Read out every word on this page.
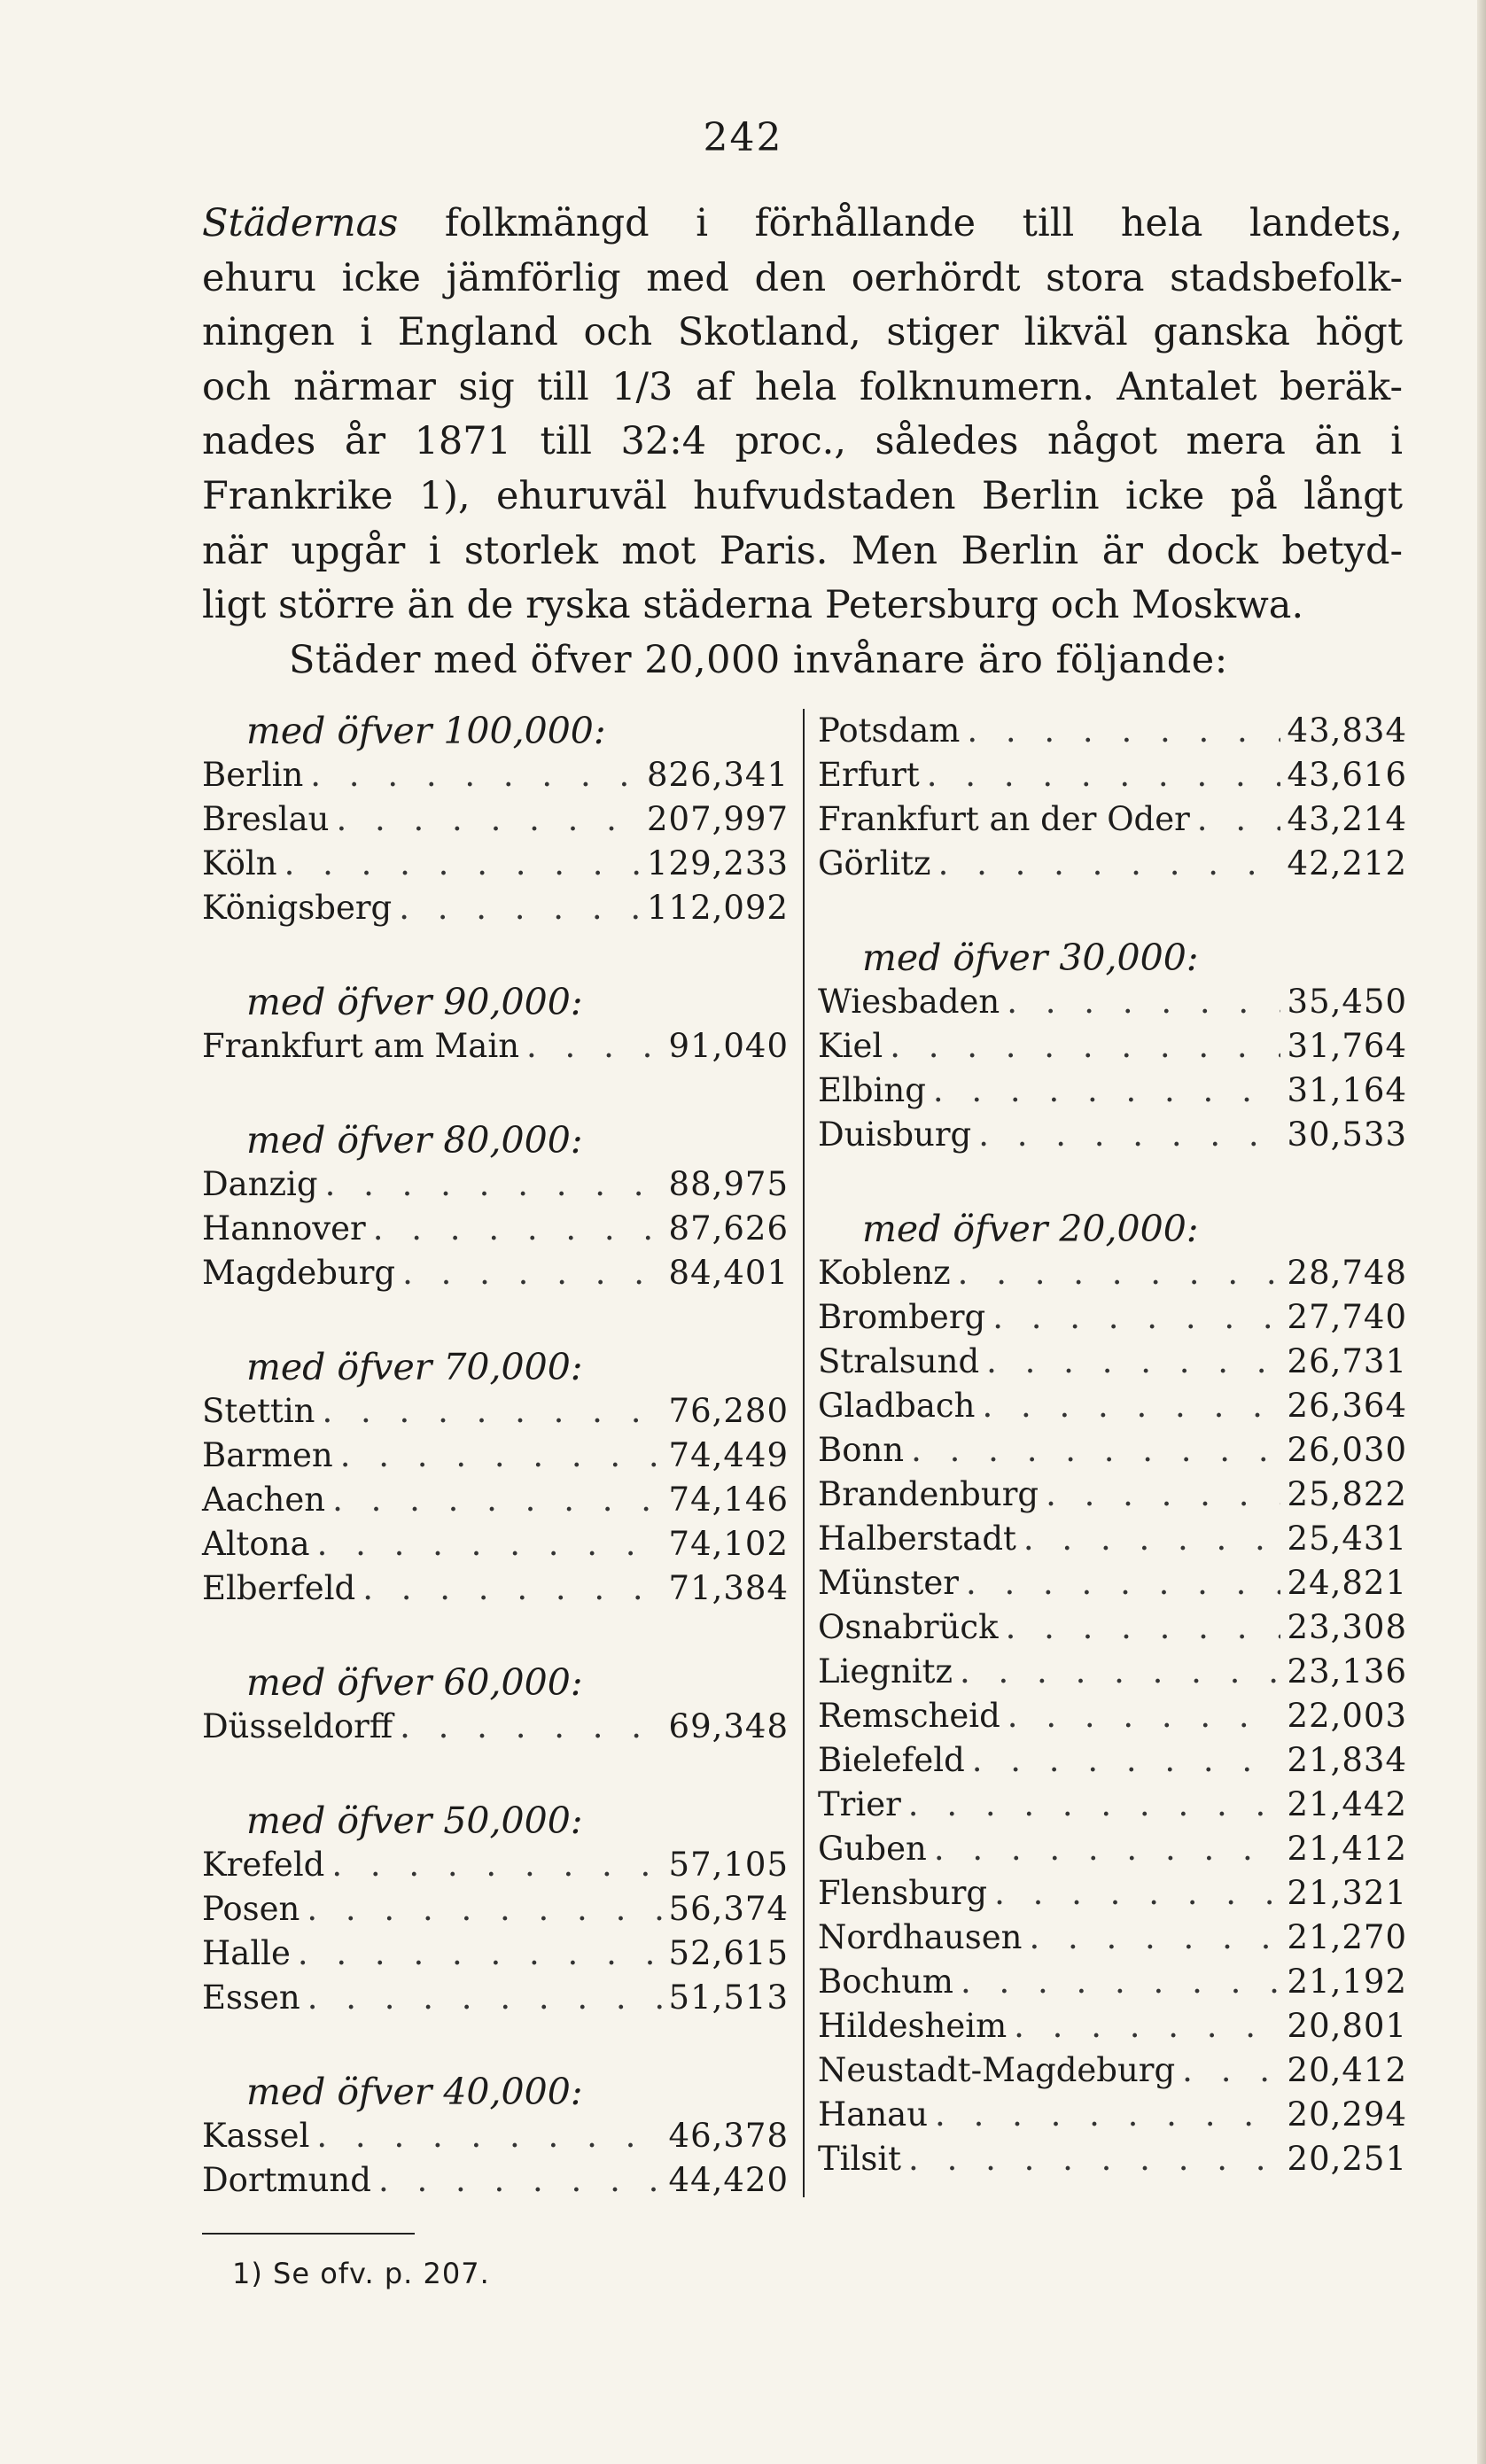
242
Städernas folkmängd i förhållande till hela landets,
ehuru icke jämförlig med den oerhördt stora stadsbefolk-
ningen i England och Skotland, stiger likväl ganska högt
och närmar sig till 1/3 af hela folknumern. Antalet beräk-
nades år 1871 till 32:4 proc., således något mera än i
Frankrike 1), ehuruväl hufvudstaden Berlin icke på långt
när upgår i storlek mot Paris. Men Berlin är dock betyd-
ligt större än de ryska städerna Petersburg och Moskwa.
Städer med öfver 20,000 invånare äro följande:
med öfver 100,000:
Berlin . . .	826,341
Breslau . . .	207,997
Köln . . .	129,233
Königsberg . . .	112,092
med öfver 90,000:
Frankfurt am Main . . .	91,040
med öfver 80,000:
Danzig . . .	88,975
Hannover . . .	87,626
Magdeburg . . .	84,401
med öfver 70,000:
Stettin . . .	76,280
Barmen . . .	74,449
Aachen . . .	74,146
Altona . . .	74,102
Elberfeld . . .	71,384
med öfver 60,000:
Düsseldorff . . .	69,348
med öfver 50,000:
Krefeld . . .	57,105
Posen . . .	56,374
Halle . . .	52,615
Essen . . .	51,513
med öfver 40,000:
Kassel . . .	46,378
Dortmund . . .	44,420
Potsdam . . .	43,834
Erfurt . . .	43,616
Frankfurt an der Oder . . .	43,214
Görlitz . . .	42,212
med öfver 30,000:
Wiesbaden . . .	35,450
Kiel . . .	31,764
Elbing . . .	31,164
Duisburg . . .	30,533
med öfver 20,000:
Koblenz . . .	28,748
Bromberg . . .	27,740
Stralsund . . .	26,731
Gladbach . . .	26,364
Bonn . . .	26,030
Brandenburg . . .	25,822
Halberstadt . . .	25,431
Münster . . .	24,821
Osnabrück . . .	23,308
Liegnitz . . .	23,136
Remscheid . . .	22,003
Bielefeld . . .	21,834
Trier . . .	21,442
Guben . . .	21,412
Flensburg . . .	21,321
Nordhausen . . .	21,270
Bochum . . .	21,192
Hildesheim . . .	20,801
Neustadt-Magdeburg . . .	20,412
Hanau . . .	20,294
Tilsit . . .	20,251
1) Se ofv. p. 207.
